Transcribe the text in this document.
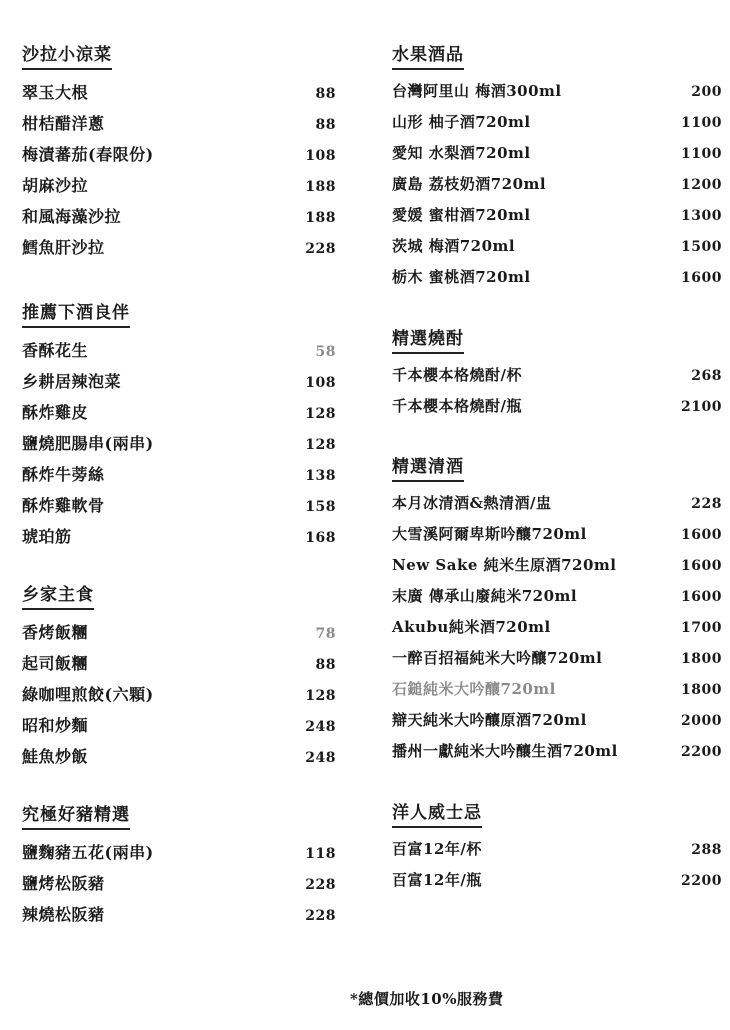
沙拉小涼菜
翠玉大根	88
柑桔醋洋蔥	88
梅漬蕃茄(春限份)	108
胡麻沙拉	188
和風海藻沙拉	188
鱈魚肝沙拉	228
推薦下酒良伴
香酥花生	58
乡耕居辣泡菜	108
酥炸雞皮	128
鹽燒肥腸串(兩串)	128
酥炸牛蒡絲	138
酥炸雞軟骨	158
琥珀筋	168
乡家主食
香烤飯糰	78
起司飯糰	88
綠咖哩煎餃(六顆)	128
昭和炒麵	248
鮭魚炒飯	248
究極好豬精選
鹽麴豬五花(兩串)	118
鹽烤松阪豬	228
辣燒松阪豬	228
水果酒品
台灣阿里山 梅酒300ml	200
山形 柚子酒720ml	1100
愛知 水梨酒720ml	1100
廣島 荔枝奶酒720ml	1200
愛媛 蜜柑酒720ml	1300
茨城 梅酒720ml	1500
栃木 蜜桃酒720ml	1600
精選燒酎
千本櫻本格燒酎/杯	268
千本櫻本格燒酎/瓶	2100
精選清酒
本月冰清酒&熱清酒/盅	228
大雪溪阿爾卑斯吟釀720ml	1600
New Sake 純米生原酒720ml	1600
末廣 傳承山廢純米720ml	1600
Akubu純米酒720ml	1700
一醉百招福純米大吟釀720ml	1800
石鎚純米大吟釀720ml	1800
辯天純米大吟釀原酒720ml	2000
播州一獻純米大吟釀生酒720ml	2200
洋人威士忌
百富12年/杯	288
百富12年/瓶	2200
*總價加收10%服務費
